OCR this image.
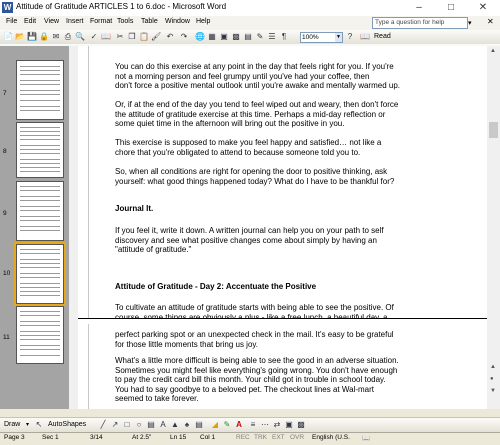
W Attitude of Gratitude ARTICLES 1 to 6.doc - Microsoft Word	–	□	✕
File Edit View Insert Format Tools Table Window Help	Type a question for help	▾ ✕
📄 📂 💾 🔒 ✉ ⎙ 🔍 ✓ 📖 ✂ ❐ 📋 🖌 ↶ ↷ 🌐 ▦ ▣ ▩ ▤ ✎ ☰ ¶	100%	▼ ? 📖 Read
7
8
9
10
11
You can do this exercise at any point in the day that feels right for you. If you're
not a morning person and feel grumpy until you've had your coffee, then
don't force a positive mental outlook until you're awake and mentally warmed up.
Or, if at the end of the day you tend to feel wiped out and weary, then don't force
the attitude of gratitude exercise at this time. Perhaps a mid-day reflection or
some quiet time in the afternoon will bring out the positive in you.
This exercise is supposed to make you feel happy and satisfied… not like a
chore that you're obligated to attend to because someone told you to.
So, when all conditions are right for opening the door to positive thinking, ask
yourself: what good things happened today? What do I have to be thankful for?
Journal It.
If you feel it, write it down. A written journal can help you on your path to self
discovery and see what positive changes come about simply by having an
"attitude of gratitude."
Attitude of Gratitude - Day 2: Accentuate the Positive
To cultivate an attitude of gratitude starts with being able to see the positive. Of
perfect parking spot or an unexpected check in the mail. It's easy to be grateful
for those little moments that bring us joy.
What's a little more difficult is being able to see the good in an adverse situation.
Sometimes you might feel like everything's going wrong. You don't have enough
to pay the credit card bill this month. Your child got in trouble in school today.
You had to say goodbye to a beloved pet. The checkout lines at Wal-mart
seemed to take forever.
▲
▲
●
▼
Draw ▾ ↖ AutoShapes	╱ ↗ □ ○ ▤ A ▲ ♠ ▤ ◢ ✎ A	≡ ⋯ ⇄ ▣ ▩
Page 3	Sec 1	3/14	At 2.5"	Ln 15 Col 1	REC TRK EXT OVR English (U.S. 📖
